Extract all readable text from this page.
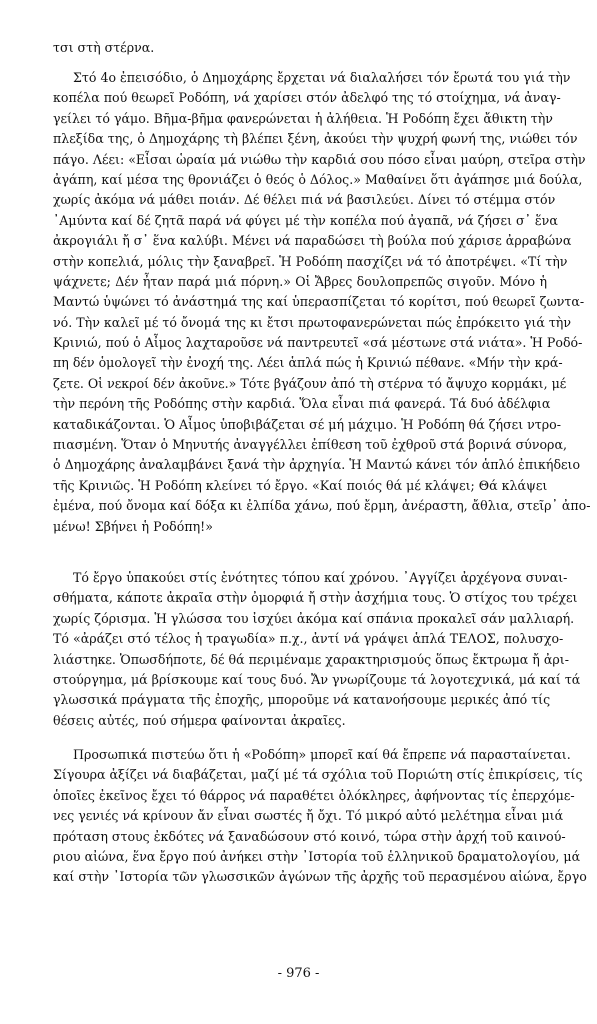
τσι στὴ στέρνα.
Στό 4ο ἐπεισόδιο, ὁ Δημοχάρης ἔρχεται νά διαλαλήσει τόν ἔρωτά του γιά τὴν
κοπέλα πού θεωρεῖ Ροδόπη, νά χαρίσει στόν ἀδελφό της τό στοίχημα, νά ἀναγ-
γείλει τό γάμο. Βῆμα-βῆμα φανερώνεται ἡ ἀλήθεια. Ἡ Ροδόπη ἔχει ἄθικτη τὴν
πλεξίδα της, ὁ Δημοχάρης τὴ βλέπει ξένη, ἀκούει τὴν ψυχρή φωνή της, νιώθει τόν
πάγο. Λέει: «Εἶσαι ὡραία μά νιώθω τὴν καρδιά σου πόσο εἶναι μαύρη, στεῖρα στὴν
ἀγάπη, καί μέσα της θρονιάζει ὁ θεός ὁ Δόλος.» Μαθαίνει ὅτι ἀγάπησε μιά δούλα,
χωρίς ἀκόμα νά μάθει ποιάν. Δέ θέλει πιά νά βασιλεύει. Δίνει τό στέμμα στόν
᾿Αμύντα καί δέ ζητᾶ παρά νά φύγει μέ τὴν κοπέλα πού ἀγαπᾶ, νά ζήσει σ᾿ ἕνα
ἀκρογιάλι ἤ σ᾿ ἕνα καλύβι. Μένει νά παραδώσει τὴ βούλα πού χάρισε ἀρραβώνα
στὴν κοπελιά, μόλις τὴν ξαναβρεῖ. Ἡ Ροδόπη πασχίζει νά τό ἀποτρέψει. «Τί τὴν
ψάχνετε; Δέν ἦταν παρά μιά πόρνη.» Οἱ Ἄβρες δουλοπρεπῶς σιγοῦν. Μόνο ἡ
Μαντώ ὑψώνει τό ἀνάστημά της καί ὑπερασπίζεται τό κορίτσι, πού θεωρεῖ ζωντα-
νό. Τὴν καλεῖ μέ τό ὄνομά της κι ἔτσι πρωτοφανερώνεται πώς ἐπρόκειτο γιά τὴν
Κρινιώ, πού ὁ Αἶμος λαχταροῦσε νά παντρευτεῖ «σά μέστωνε στά νιάτα». Ἡ Ροδό-
πη δέν ὁμολογεῖ τὴν ἐνοχή της. Λέει ἁπλά πώς ἡ Κρινιώ πέθανε. «Μήν τὴν κρά-
ζετε. Οἱ νεκροί δέν ἀκοῦνε.» Τότε βγάζουν ἀπό τὴ στέρνα τό ἄψυχο κορμάκι, μέ
τὴν περόνη τῆς Ροδόπης στὴν καρδιά. Ὅλα εἶναι πιά φανερά. Τά δυό ἀδέλφια
καταδικάζονται. Ὁ Αἶμος ὑποβιβάζεται σέ μή μάχιμο. Ἡ Ροδόπη θά ζήσει ντρο-
πιασμένη. Ὅταν ὁ Μηνυτής ἀναγγέλλει ἐπίθεση τοῦ ἐχθροῦ στά βορινά σύνορα,
ὁ Δημοχάρης ἀναλαμβάνει ξανά τὴν ἀρχηγία. Ἡ Μαντώ κάνει τόν ἁπλό ἐπικήδειο
τῆς Κρινιῶς. Ἡ Ροδόπη κλείνει τό ἔργο. «Καί ποιός θά μέ κλάψει; Θά κλάψει
ἐμένα, πού ὄνομα καί δόξα κι ἐλπίδα χάνω, πού ἔρμη, ἀνέραστη, ἄθλια, στεῖρ᾿ ἀπο-
μένω! Σβήνει ἡ Ροδόπη!»
Τό ἔργο ὑπακούει στίς ἑνότητες τόπου καί χρόνου. ᾿Αγγίζει ἀρχέγονα συναι-
σθήματα, κάποτε ἀκραῖα στὴν ὀμορφιά ἤ στὴν ἀσχήμια τους. Ὁ στίχος του τρέχει
χωρίς ζόρισμα. Ἡ γλώσσα του ἰσχύει ἀκόμα καί σπάνια προκαλεῖ σάν μαλλιαρή.
Τό «ἀράζει στό τέλος ἡ τραγωδία» π.χ., ἀντί νά γράψει ἁπλά ΤΕΛΟΣ, πολυσχο-
λιάστηκε. Ὁπωσδήποτε, δέ θά περιμέναμε χαρακτηρισμούς ὅπως ἔκτρωμα ἤ ἀρι-
στούργημα, μά βρίσκουμε καί τους δυό. Ἄν γνωρίζουμε τά λογοτεχνικά, μά καί τά
γλωσσικά πράγματα τῆς ἐποχῆς, μποροῦμε νά κατανοήσουμε μερικές ἀπό τίς
θέσεις αὐτές, πού σήμερα φαίνονται ἀκραῖες.
Προσωπικά πιστεύω ὅτι ἡ «Ροδόπη» μπορεῖ καί θά ἔπρεπε νά παρασταίνεται.
Σίγουρα ἀξίζει νά διαβάζεται, μαζί μέ τά σχόλια τοῦ Ποριώτη στίς ἐπικρίσεις, τίς
ὁποῖες ἐκεῖνος ἔχει τό θάρρος νά παραθέτει ὁλόκληρες, ἀφήνοντας τίς ἐπερχόμε-
νες γενιές νά κρίνουν ἄν εἶναι σωστές ἤ ὄχι. Τό μικρό αὐτό μελέτημα εἶναι μιά
πρόταση στους ἐκδότες νά ξαναδώσουν στό κοινό, τώρα στὴν ἀρχή τοῦ καινού-
ριου αἰώνα, ἕνα ἔργο πού ἀνήκει στὴν ᾿Ιστορία τοῦ ἑλληνικοῦ δραματολογίου, μά
καί στὴν ᾿Ιστορία τῶν γλωσσικῶν ἀγώνων τῆς ἀρχῆς τοῦ περασμένου αἰώνα, ἔργο
- 976 -
